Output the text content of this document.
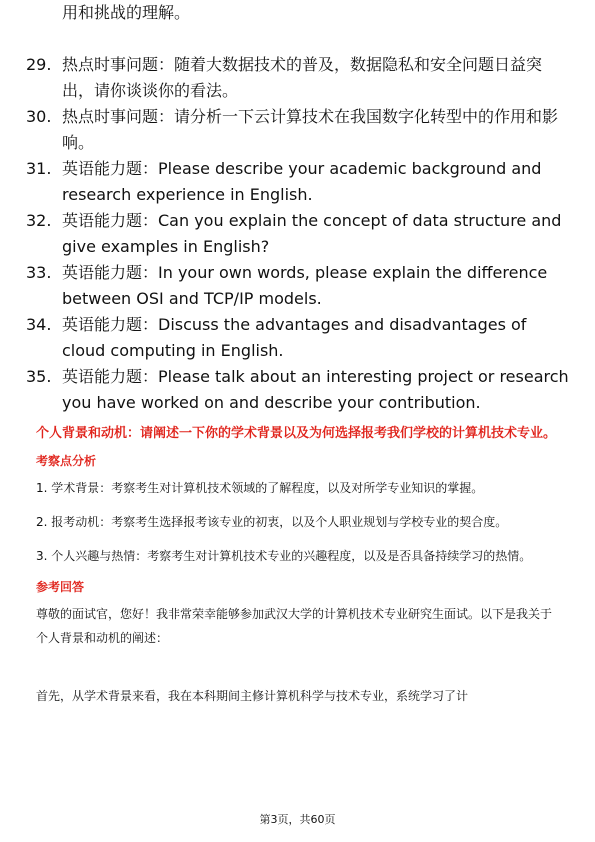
用和挑战的理解。
29. 热点时事问题：随着大数据技术的普及，数据隐私和安全问题日益突出，请你谈谈你的看法。
30. 热点时事问题：请分析一下云计算技术在我国数字化转型中的作用和影响。
31. 英语能力题：Please describe your academic background and research experience in English.
32. 英语能力题：Can you explain the concept of data structure and give examples in English?
33. 英语能力题：In your own words, please explain the difference between OSI and TCP/IP models.
34. 英语能力题：Discuss the advantages and disadvantages of cloud computing in English.
35. 英语能力题：Please talk about an interesting project or research you have worked on and describe your contribution.
个人背景和动机：请阐述一下你的学术背景以及为何选择报考我们学校的计算机技术专业。
考察点分析
1. 学术背景：考察考生对计算机技术领域的了解程度，以及对所学专业知识的掌握。
2. 报考动机：考察考生选择报考该专业的初衷，以及个人职业规划与学校专业的契合度。
3. 个人兴趣与热情：考察考生对计算机技术专业的兴趣程度，以及是否具备持续学习的热情。
参考回答
尊敬的面试官，您好！我非常荣幸能够参加武汉大学的计算机技术专业研究生面试。以下是我关于个人背景和动机的阐述：
首先，从学术背景来看，我在本科期间主修计算机科学与技术专业，系统学习了计
第3页，共60页
